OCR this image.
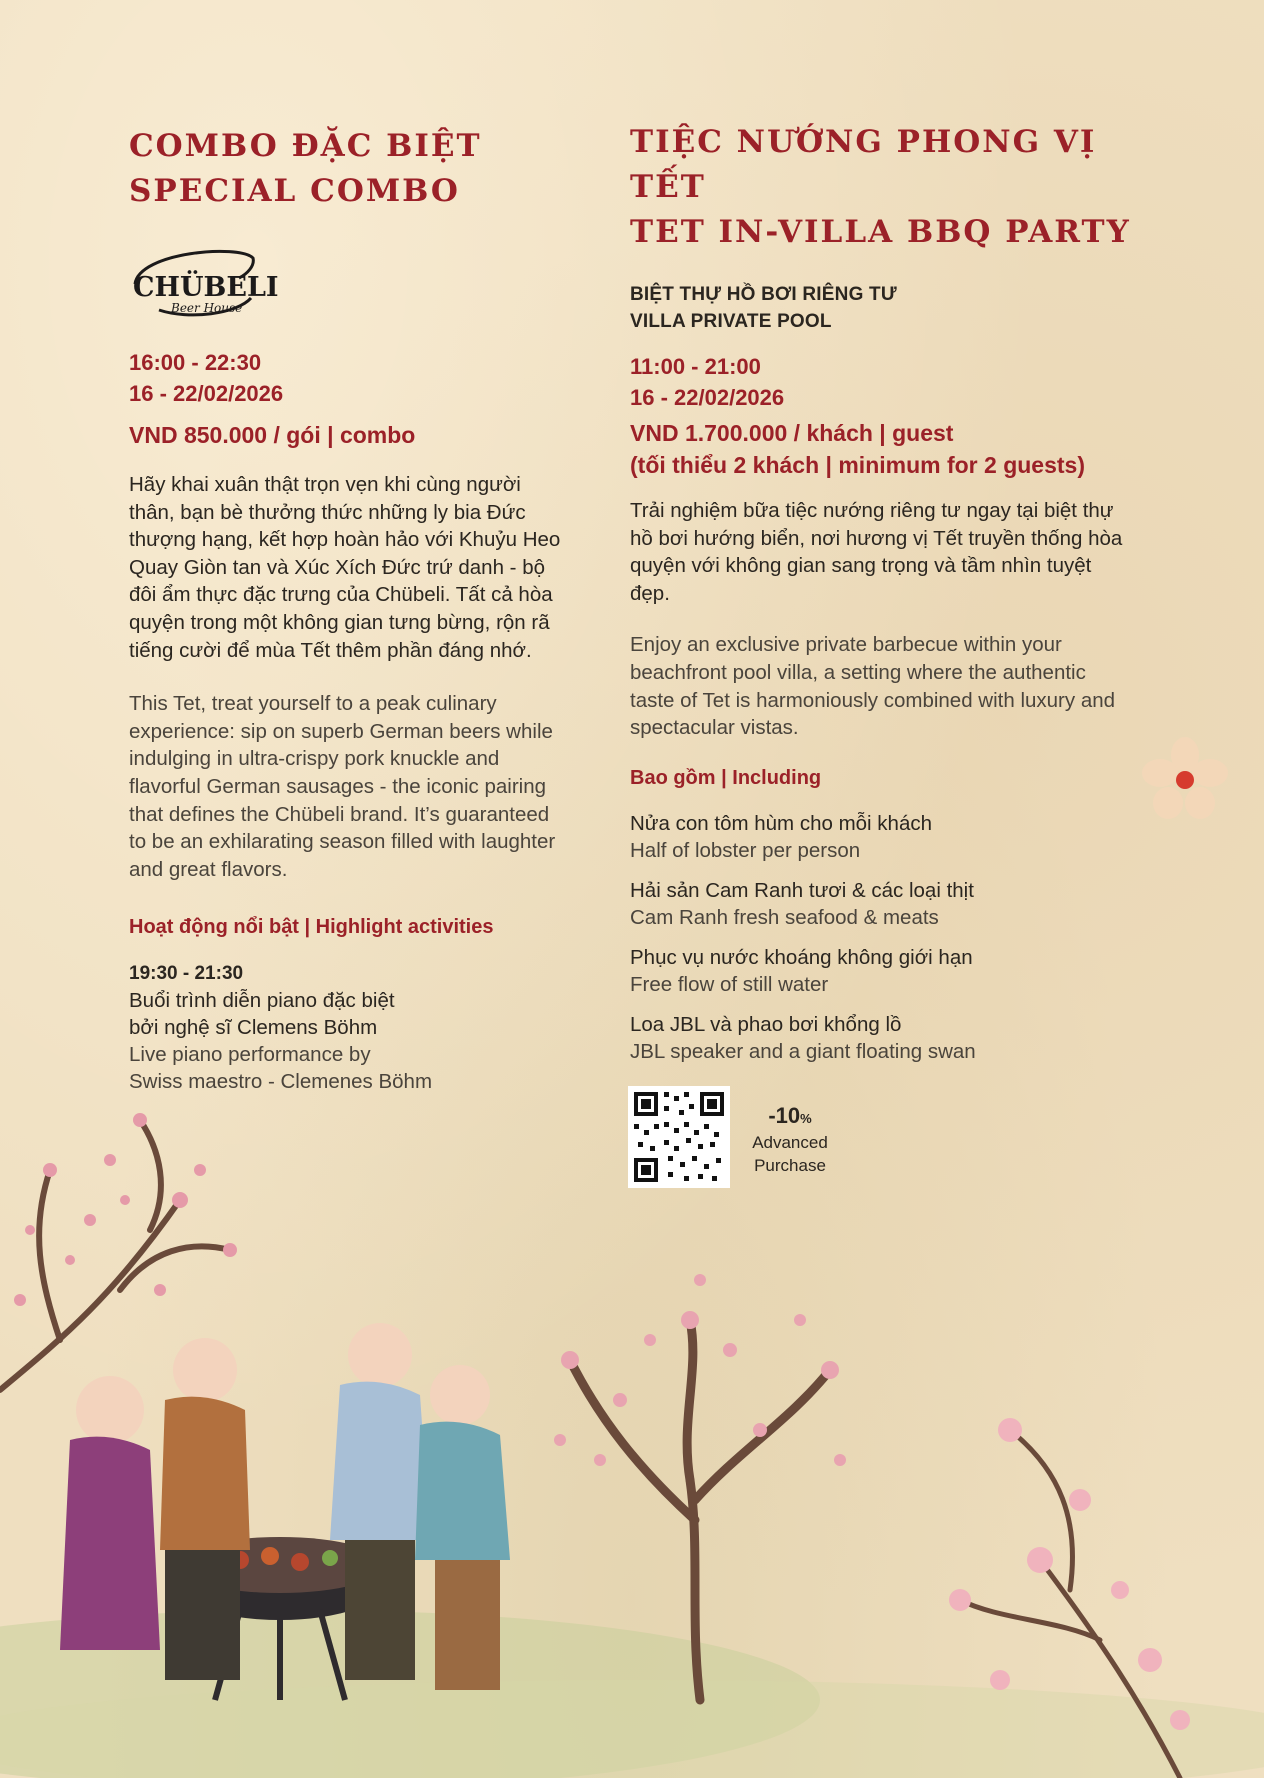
COMBO ĐẶC BIỆT
SPECIAL COMBO
CHÜBELI
Beer House
16:00 - 22:30
16 - 22/02/2026
VND 850.000 / gói | combo

Hãy khai xuân thật trọn vẹn khi cùng người thân, bạn bè thưởng thức những ly bia Đức thượng hạng, kết hợp hoàn hảo với Khuỷu Heo Quay Giòn tan và Xúc Xích Đức trứ danh - bộ đôi ẩm thực đặc trưng của Chübeli. Tất cả hòa quyện trong một không gian tưng bừng, rộn rã tiếng cười để mùa Tết thêm phần đáng nhớ.

This Tet, treat yourself to a peak culinary experience: sip on superb German beers while indulging in ultra-crispy pork knuckle and flavorful German sausages - the iconic pairing that defines the Chübeli brand. It’s guaranteed to be an exhilarating season filled with laughter and great flavors.

Hoạt động nổi bật | Highlight activities
19:30 - 21:30
Buổi trình diễn piano đặc biệt
bởi nghệ sĩ Clemens Böhm
Live piano performance by
Swiss maestro - Clemenes Böhm
TIỆC NƯỚNG PHONG VỊ TẾT
TET IN-VILLA BBQ PARTY
BIỆT THỰ HỒ BƠI RIÊNG TƯ
VILLA PRIVATE POOL
11:00 - 21:00
16 - 22/02/2026
VND 1.700.000 / khách | guest
(tối thiểu 2 khách | minimum for 2 guests)

Trải nghiệm bữa tiệc nướng riêng tư ngay tại biệt thự hồ bơi hướng biển, nơi hương vị Tết truyền thống hòa quyện với không gian sang trọng và tầm nhìn tuyệt đẹp.

Enjoy an exclusive private barbecue within your beachfront pool villa, a setting where the authentic taste of Tet is harmoniously combined with luxury and spectacular vistas.

Bao gồm | Including
Nửa con tôm hùm cho mỗi khách
Half of lobster per person
Hải sản Cam Ranh tươi & các loại thịt
Cam Ranh fresh seafood & meats
Phục vụ nước khoáng không giới hạn
Free flow of still water
Loa JBL và phao bơi khổng lồ
JBL speaker and a giant floating swan
-10%
Advanced
Purchase
